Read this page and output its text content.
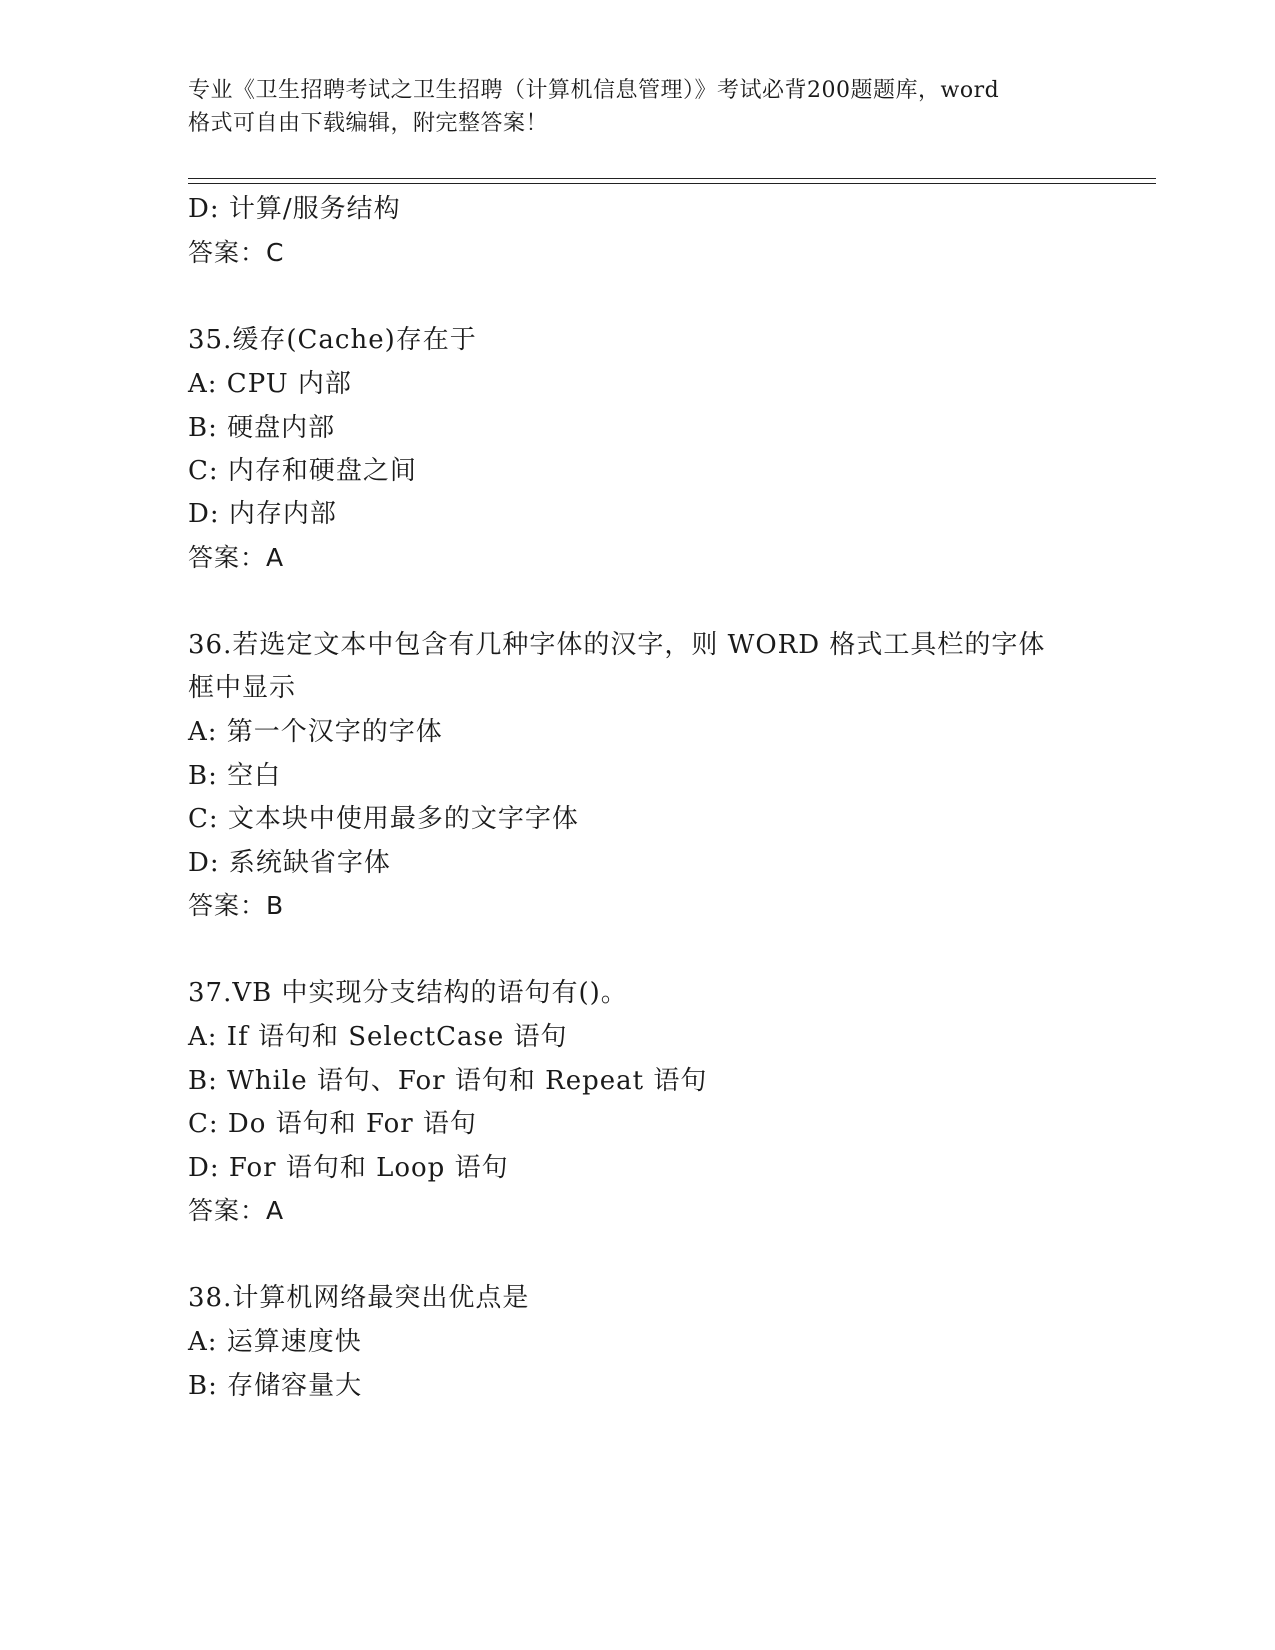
专业《卫生招聘考试之卫生招聘（计算机信息管理）》考试必背200题题库，word
格式可自由下载编辑，附完整答案！
D: 计算/服务结构
答案：C
35.缓存(Cache)存在于
A: CPU 内部
B: 硬盘内部
C: 内存和硬盘之间
D: 内存内部
答案：A
36.若选定文本中包含有几种字体的汉字，则 WORD 格式工具栏的字体
框中显示
A: 第一个汉字的字体
B: 空白
C: 文本块中使用最多的文字字体
D: 系统缺省字体
答案：B
37.VB 中实现分支结构的语句有()。
A: If 语句和 SelectCase 语句
B: While 语句、For 语句和 Repeat 语句
C: Do 语句和 For 语句
D: For 语句和 Loop 语句
答案：A
38.计算机网络最突出优点是
A: 运算速度快
B: 存储容量大
